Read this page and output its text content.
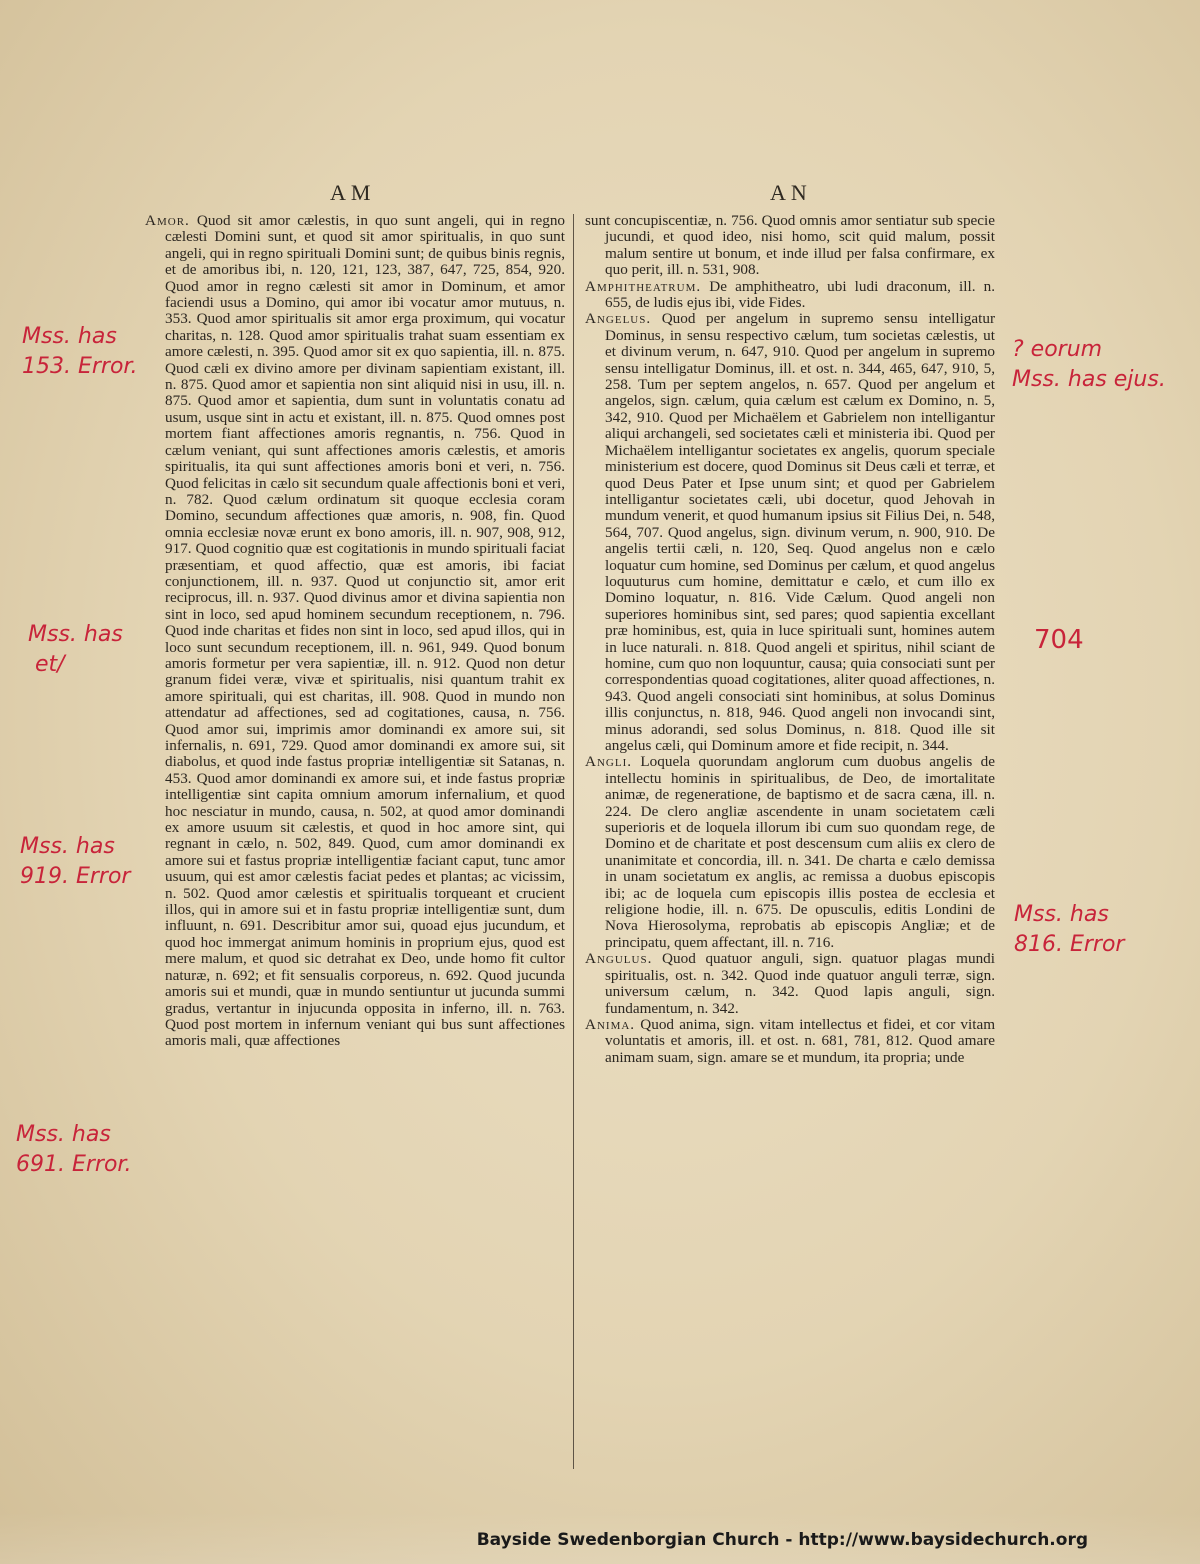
AM	AN

Amor. Quod sit amor cælestis, in quo sunt angeli, qui in regno cælesti Domini sunt, et quod sit amor spiritualis, in quo sunt angeli, qui in regno spirituali Domini sunt; de quibus binis regnis, et de amoribus ibi, n. 120, 121, 123, 387, 647, 725, 854, 920. Quod amor in regno cælesti sit amor in Dominum, et amor faciendi usus a Domino, qui amor ibi vocatur amor mutuus, n. 353. Quod amor spiritualis sit amor erga proximum, qui vocatur charitas, n. 128. Quod amor spiritualis trahat suam essentiam ex amore cælesti, n. 395. Quod amor sit ex quo sapientia, ill. n. 875. Quod cæli ex divino amore per divinam sapientiam existant, ill. n. 875. Quod amor et sapientia non sint aliquid nisi in usu, ill. n. 875. Quod amor et sapientia, dum sunt in voluntatis conatu ad usum, usque sint in actu et existant, ill. n. 875. Quod omnes post mortem fiant affectiones amoris regnantis, n. 756. Quod in cælum veniant, qui sunt affectiones amoris cælestis, et amoris spiritualis, ita qui sunt affectiones amoris boni et veri, n. 756. Quod felicitas in cælo sit secundum quale affectionis boni et veri, n. 782. Quod cælum ordinatum sit quoque ecclesia coram Domino, secundum affectiones quæ amoris, n. 908, fin. Quod omnia ecclesiæ novæ erunt ex bono amoris, ill. n. 907, 908, 912, 917. Quod cognitio quæ est cogitationis in mundo spirituali faciat præsentiam, et quod affectio, quæ est amoris, ibi faciat conjunctionem, ill. n. 937. Quod ut conjunctio sit, amor erit reciprocus, ill. n. 937. Quod divinus amor et divina sapientia non sint in loco, sed apud hominem secundum receptionem, n. 796. Quod inde charitas et fides non sint in loco, sed apud illos, qui in loco sunt secundum receptionem, ill. n. 961, 949. Quod bonum amoris formetur per vera sapientiæ, ill. n. 912. Quod non detur granum fidei veræ, vivæ et spiritualis, nisi quantum trahit ex amore spirituali, qui est charitas, ill. 908. Quod in mundo non attendatur ad affectiones, sed ad cogitationes, causa, n. 756. Quod amor sui, imprimis amor dominandi ex amore sui, sit infernalis, n. 691, 729. Quod amor dominandi ex amore sui, sit diabolus, et quod inde fastus propriæ intelligentiæ sit Satanas, n. 453. Quod amor dominandi ex amore sui, et inde fastus propriæ intelligentiæ sint capita omnium amorum infernalium, et quod hoc nesciatur in mundo, causa, n. 502, at quod amor dominandi ex amore usuum sit cælestis, et quod in hoc amore sint, qui regnant in cælo, n. 502, 849. Quod, cum amor dominandi ex amore sui et fastus propriæ intelligentiæ faciant caput, tunc amor usuum, qui est amor cælestis faciat pedes et plantas; ac vicissim, n. 502. Quod amor cælestis et spiritualis torqueant et crucient illos, qui in amore sui et in fastu propriæ intelligentiæ sunt, dum influunt, n. 691. Describitur amor sui, quoad ejus jucundum, et quod hoc immergat animum hominis in proprium ejus, quod est mere malum, et quod sic detrahat ex Deo, unde homo fit cultor naturæ, n. 692; et fit sensualis corporeus, n. 692. Quod jucunda amoris sui et mundi, quæ in mundo sentiuntur ut jucunda summi gradus, vertantur in injucunda opposita in inferno, ill. n. 763. Quod post mortem in infernum veniant qui bus sunt affectiones amoris mali, quæ affectiones

sunt concupiscentiæ, n. 756. Quod omnis amor sentiatur sub specie jucundi, et quod ideo, nisi homo, scit quid malum, possit malum sentire ut bonum, et inde illud per falsa confirmare, ex quo perit, ill. n. 531, 908.

Amphitheatrum. De amphitheatro, ubi ludi draconum, ill. n. 655, de ludis ejus ibi, vide Fides.

Angelus. Quod per angelum in supremo sensu intelligatur Dominus, in sensu respectivo cælum, tum societas cælestis, ut et divinum verum, n. 647, 910. Quod per angelum in supremo sensu intelligatur Dominus, ill. et ost. n. 344, 465, 647, 910, 5, 258. Tum per septem angelos, n. 657. Quod per angelum et angelos, sign. cælum, quia cælum est cælum ex Domino, n. 5, 342, 910. Quod per Michaëlem et Gabrielem non intelligantur aliqui archangeli, sed societates cæli et ministeria ibi. Quod per Michaëlem intelligantur societates ex angelis, quorum speciale ministerium est docere, quod Dominus sit Deus cæli et terræ, et quod Deus Pater et Ipse unum sint; et quod per Gabrielem intelligantur societates cæli, ubi docetur, quod Jehovah in mundum venerit, et quod humanum ipsius sit Filius Dei, n. 548, 564, 707. Quod angelus, sign. divinum verum, n. 900, 910. De angelis tertii cæli, n. 120, Seq. Quod angelus non e cælo loquatur cum homine, sed Dominus per cælum, et quod angelus loquuturus cum homine, demittatur e cælo, et cum illo ex Domino loquatur, n. 816. Vide Cælum. Quod angeli non superiores hominibus sint, sed pares; quod sapientia excellant præ hominibus, est, quia in luce spirituali sunt, homines autem in luce naturali. n. 818. Quod angeli et spiritus, nihil sciant de homine, cum quo non loquuntur, causa; quia consociati sunt per correspondentias quoad cogitationes, aliter quoad affectiones, n. 943. Quod angeli consociati sint hominibus, at solus Dominus illis conjunctus, n. 818, 946. Quod angeli non invocandi sint, minus adorandi, sed solus Dominus, n. 818. Quod ille sit angelus cæli, qui Dominum amore et fide recipit, n. 344.

Angli. Loquela quorundam anglorum cum duobus angelis de intellectu hominis in spiritualibus, de Deo, de imortalitate animæ, de regeneratione, de baptismo et de sacra cæna, ill. n. 224. De clero angliæ ascendente in unam societatem cæli superioris et de loquela illorum ibi cum suo quondam rege, de Domino et de charitate et post descensum cum aliis ex clero de unanimitate et concordia, ill. n. 341. De charta e cælo demissa in unam societatum ex anglis, ac remissa a duobus episcopis ibi; ac de loquela cum episcopis illis postea de ecclesia et religione hodie, ill. n. 675. De opusculis, editis Londini de Nova Hierosolyma, reprobatis ab episcopis Angliæ; et de principatu, quem affectant, ill. n. 716.

Angulus. Quod quatuor anguli, sign. quatuor plagas mundi spiritualis, ost. n. 342. Quod inde quatuor anguli terræ, sign. universum cælum, n. 342. Quod lapis anguli, sign. fundamentum, n. 342.

Anima. Quod anima, sign. vitam intellectus et fidei, et cor vitam voluntatis et amoris, ill. et ost. n. 681, 781, 812. Quod amare animam suam, sign. amare se et mundum, ita propria; unde

Mss. has
153. Error.
Mss. has
et/
Mss. has
919. Error
Mss. has
691. Error.
? eorum
Mss. has ejus.
704
Mss. has
816. Error
Bayside Swedenborgian Church - http://www.baysidechurch.org
